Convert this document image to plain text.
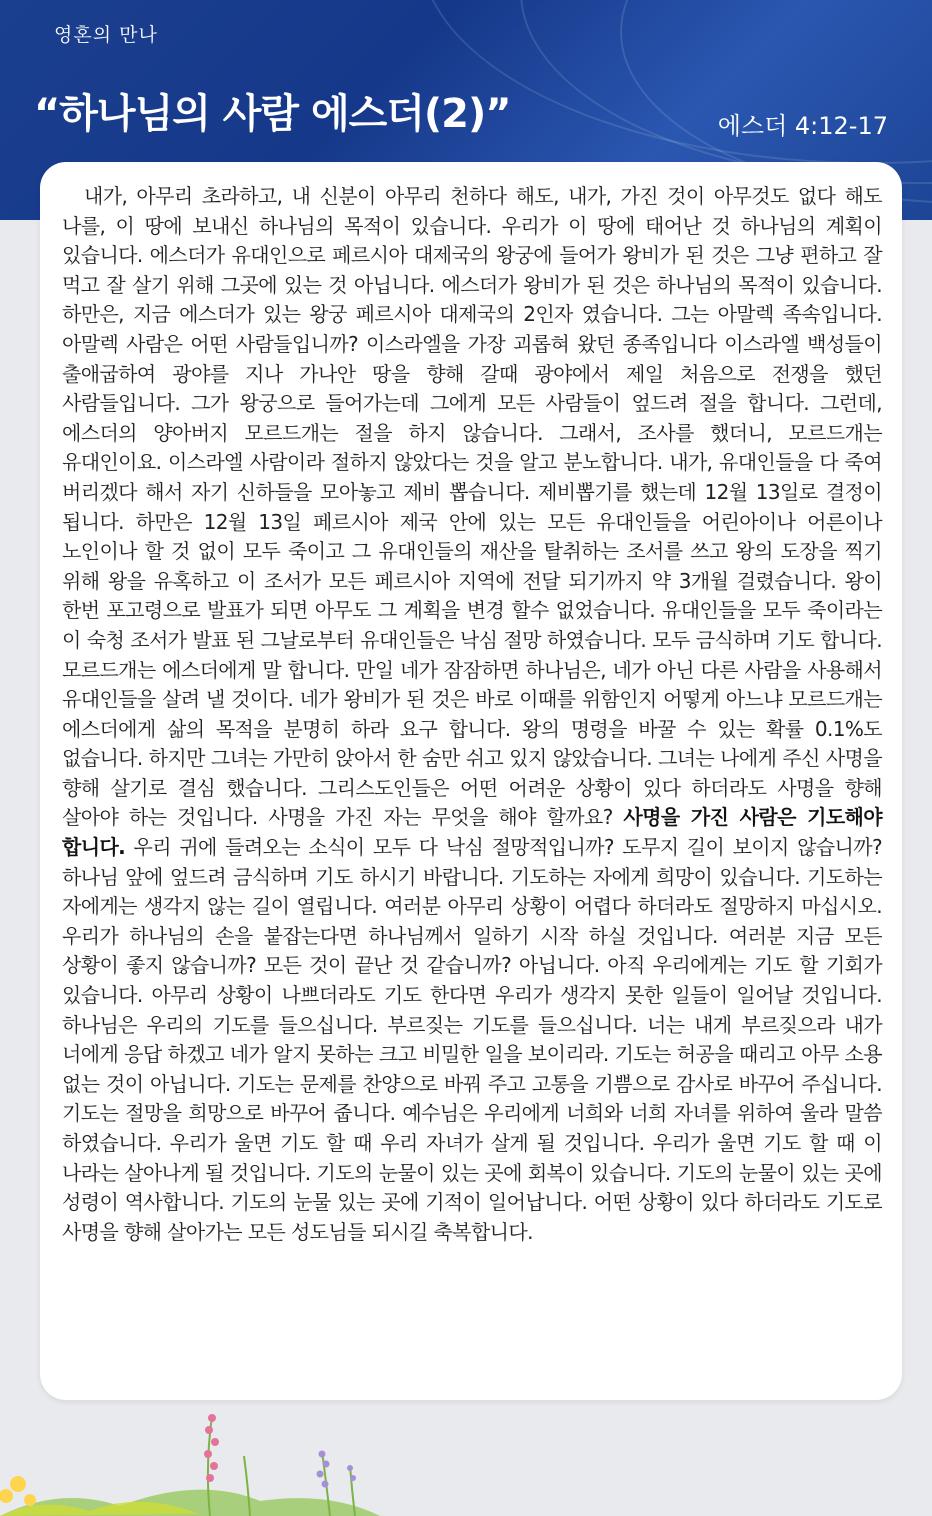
영혼의 만나
“하나님의 사람 에스더(2)”	에스더 4:12-17
내가, 아무리 초라하고, 내 신분이 아무리 천하다 해도, 내가, 가진 것이 아무것도 없다 해도 나를, 이 땅에 보내신 하나님의 목적이 있습니다. 우리가 이 땅에 태어난 것 하나님의 계획이 있습니다. 에스더가 유대인으로 페르시아 대제국의 왕궁에 들어가 왕비가 된 것은 그냥 편하고 잘 먹고 잘 살기 위해 그곳에 있는 것 아닙니다. 에스더가 왕비가 된 것은 하나님의 목적이 있습니다. 하만은, 지금 에스더가 있는 왕궁 페르시아 대제국의 2인자 였습니다. 그는 아말렉 족속입니다. 아말렉 사람은 어떤 사람들입니까? 이스라엘을 가장 괴롭혀 왔던 종족입니다 이스라엘 백성들이 출애굽하여 광야를 지나 가나안 땅을 향해 갈때 광야에서 제일 처음으로 전쟁을 했던 사람들입니다. 그가 왕궁으로 들어가는데 그에게 모든 사람들이 엎드려 절을 합니다. 그런데, 에스더의 양아버지 모르드개는 절을 하지 않습니다. 그래서, 조사를 했더니, 모르드개는 유대인이요. 이스라엘 사람이라 절하지 않았다는 것을 알고 분노합니다. 내가, 유대인들을 다 죽여 버리겠다 해서 자기 신하들을 모아놓고 제비 뽑습니다. 제비뽑기를 했는데 12월 13일로 결정이 됩니다. 하만은 12월 13일 페르시아 제국 안에 있는 모든 유대인들을 어린아이나 어른이나 노인이나 할 것 없이 모두 죽이고 그 유대인들의 재산을 탈취하는 조서를 쓰고 왕의 도장을 찍기 위해 왕을 유혹하고 이 조서가 모든 페르시아 지역에 전달 되기까지 약 3개월 걸렸습니다. 왕이 한번 포고령으로 발표가 되면 아무도 그 계획을 변경 할수 없었습니다. 유대인들을 모두 죽이라는 이 숙청 조서가 발표 된 그날로부터 유대인들은 낙심 절망 하였습니다. 모두 금식하며 기도 합니다. 모르드개는 에스더에게 말 합니다. 만일 네가 잠잠하면 하나님은, 네가 아닌 다른 사람을 사용해서 유대인들을 살려 낼 것이다. 네가 왕비가 된 것은 바로 이때를 위함인지 어떻게 아느냐 모르드개는 에스더에게 삶의 목적을 분명히 하라 요구 합니다. 왕의 명령을 바꿀 수 있는 확률 0.1%도 없습니다. 하지만 그녀는 가만히 앉아서 한 숨만 쉬고 있지 않았습니다. 그녀는 나에게 주신 사명을 향해 살기로 결심 했습니다. 그리스도인들은 어떤 어려운 상황이 있다 하더라도 사명을 향해 살아야 하는 것입니다. 사명을 가진 자는 무엇을 해야 할까요? 사명을 가진 사람은 기도해야 합니다. 우리 귀에 들려오는 소식이 모두 다 낙심 절망적입니까? 도무지 길이 보이지 않습니까? 하나님 앞에 엎드려 금식하며 기도 하시기 바랍니다. 기도하는 자에게 희망이 있습니다. 기도하는 자에게는 생각지 않는 길이 열립니다. 여러분 아무리 상황이 어렵다 하더라도 절망하지 마십시오. 우리가 하나님의 손을 붙잡는다면 하나님께서 일하기 시작 하실 것입니다. 여러분 지금 모든 상황이 좋지 않습니까? 모든 것이 끝난 것 같습니까? 아닙니다. 아직 우리에게는 기도 할 기회가 있습니다. 아무리 상황이 나쁘더라도 기도 한다면 우리가 생각지 못한 일들이 일어날 것입니다. 하나님은 우리의 기도를 들으십니다. 부르짖는 기도를 들으십니다. 너는 내게 부르짖으라 내가 너에게 응답 하겠고 네가 알지 못하는 크고 비밀한 일을 보이리라. 기도는 허공을 때리고 아무 소용 없는 것이 아닙니다. 기도는 문제를 찬양으로 바꿔 주고 고통을 기쁨으로 감사로 바꾸어 주십니다. 기도는 절망을 희망으로 바꾸어 줍니다. 예수님은 우리에게 너희와 너희 자녀를 위하여 울라 말씀 하였습니다. 우리가 울면 기도 할 때 우리 자녀가 살게 될 것입니다. 우리가 울면 기도 할 때 이 나라는 살아나게 될 것입니다. 기도의 눈물이 있는 곳에 회복이 있습니다. 기도의 눈물이 있는 곳에 성령이 역사합니다. 기도의 눈물 있는 곳에 기적이 일어납니다. 어떤 상황이 있다 하더라도 기도로 사명을 향해 살아가는 모든 성도님들 되시길 축복합니다.
